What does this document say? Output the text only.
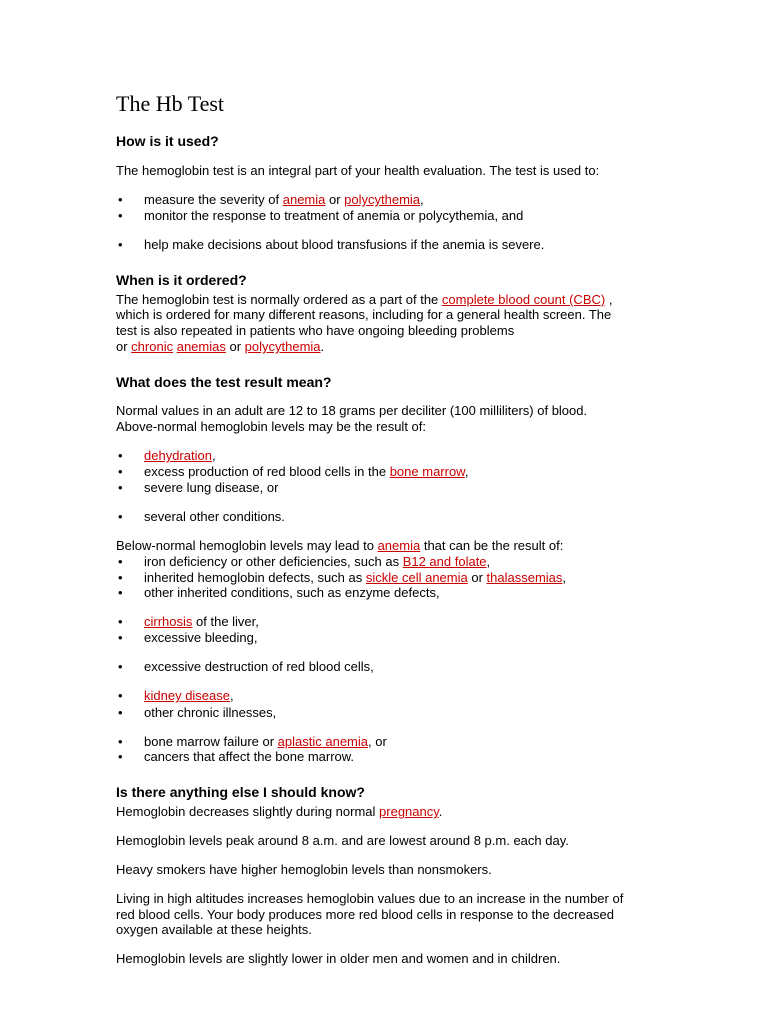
The Hb Test
How is it used?

The hemoglobin test is an integral part of your health evaluation. The test is used to:

•	measure the severity of anemia or polycythemia,
•	monitor the response to treatment of anemia or polycythemia, and
•	help make decisions about blood transfusions if the anemia is severe.
When is it ordered?
The hemoglobin test is normally ordered as a part of the complete blood count (CBC) ,
which is ordered for many different reasons, including for a general health screen. The
test is also repeated in patients who have ongoing bleeding problems
or chronic anemias or polycythemia.
What does the test result mean?
Normal values in an adult are 12 to 18 grams per deciliter (100 milliliters) of blood.
Above-normal hemoglobin levels may be the result of:
•	dehydration,
•	excess production of red blood cells in the bone marrow,
•	severe lung disease, or
•	several other conditions.
Below-normal hemoglobin levels may lead to anemia that can be the result of:
•	iron deficiency or other deficiencies, such as B12 and folate,
•	inherited hemoglobin defects, such as sickle cell anemia or thalassemias,
•	other inherited conditions, such as enzyme defects,
•	cirrhosis of the liver,
•	excessive bleeding,
•	excessive destruction of red blood cells,
•	kidney disease,
•	other chronic illnesses,
•	bone marrow failure or aplastic anemia, or
•	cancers that affect the bone marrow.
Is there anything else I should know?
Hemoglobin decreases slightly during normal pregnancy.
Hemoglobin levels peak around 8 a.m. and are lowest around 8 p.m. each day.
Heavy smokers have higher hemoglobin levels than nonsmokers.
Living in high altitudes increases hemoglobin values due to an increase in the number of
red blood cells. Your body produces more red blood cells in response to the decreased
oxygen available at these heights.
Hemoglobin levels are slightly lower in older men and women and in children.
